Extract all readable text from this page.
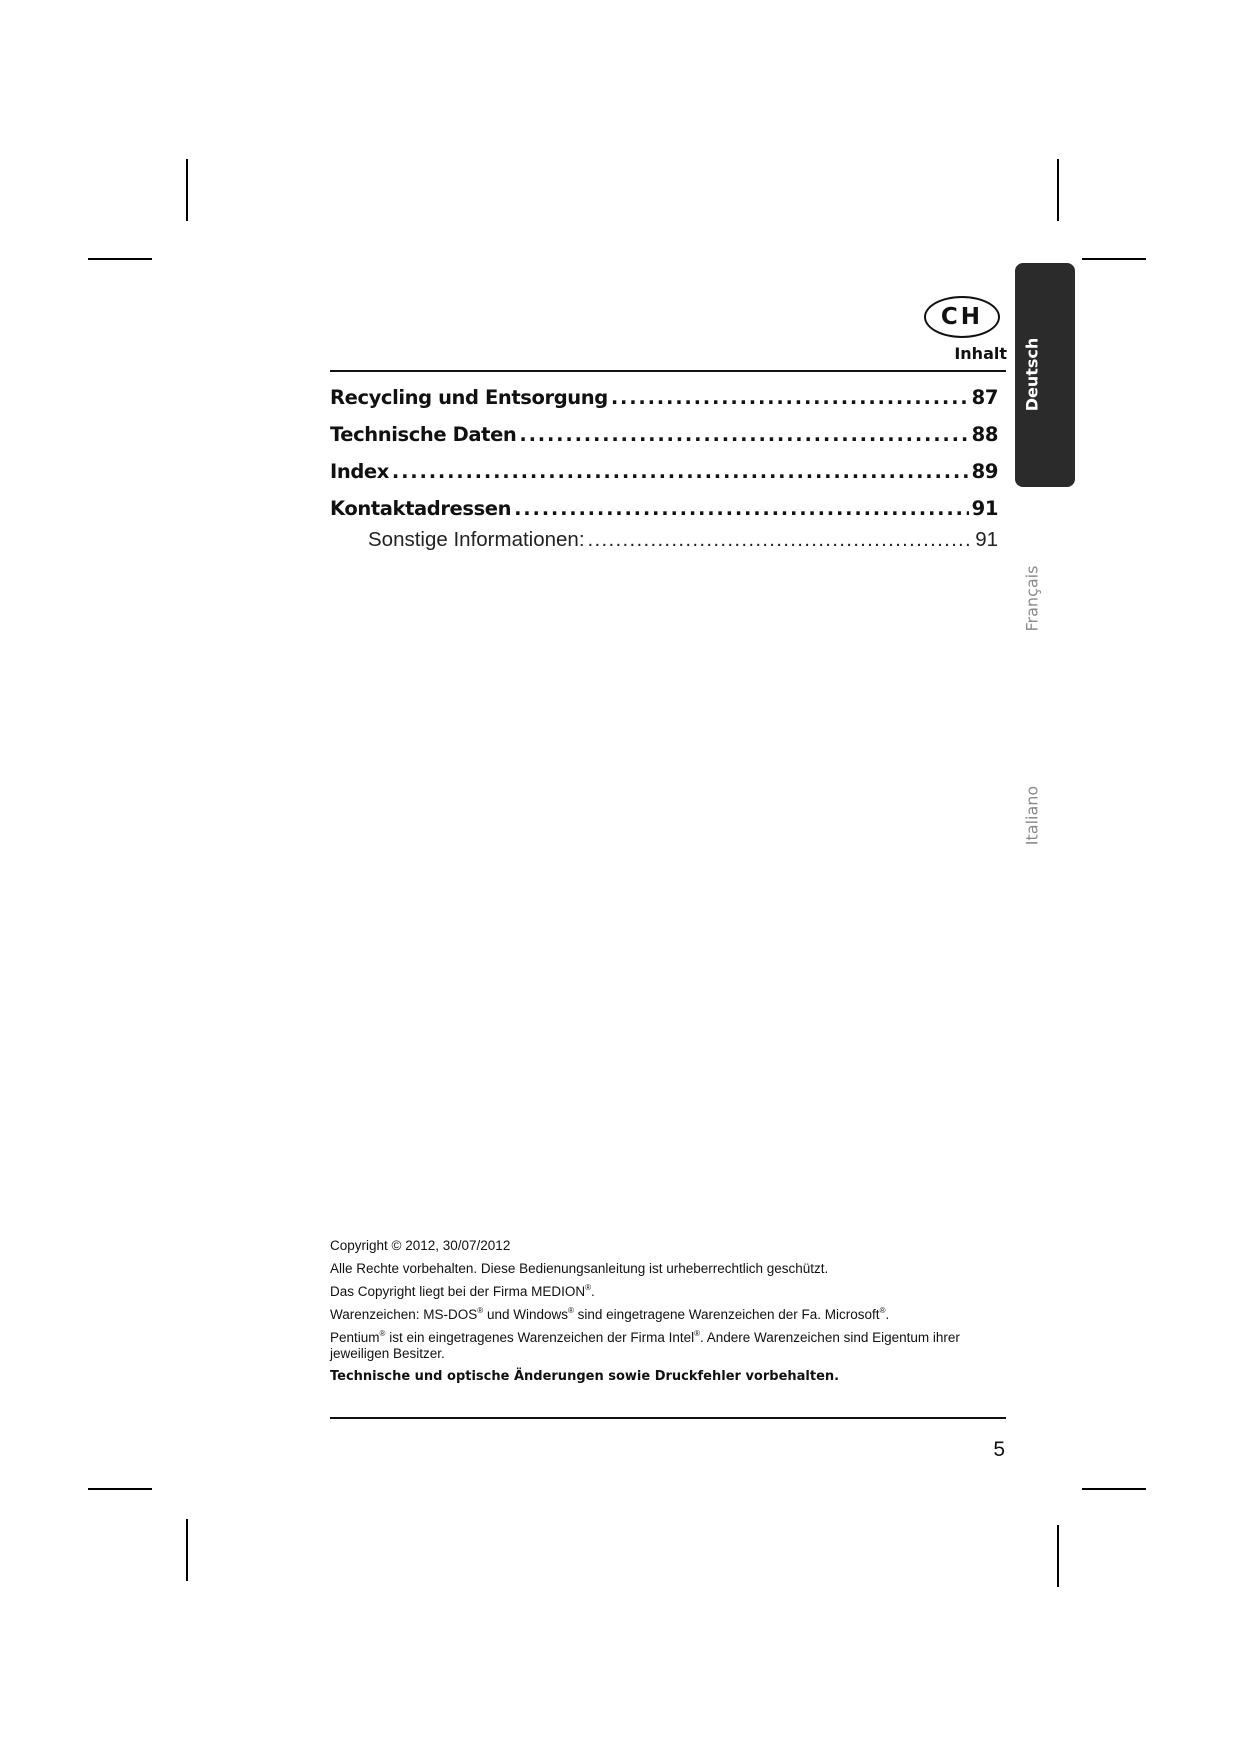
CH
Inhalt
Recycling und Entsorgung . . .	87
Technische Daten . . .	88
Index . . .	89
Kontaktadressen . . .	91
Sonstige Informationen: . . .	91
Deutsch
Français
Italiano

Copyright © 2012, 30/07/2012

Alle Rechte vorbehalten. Diese Bedienungsanleitung ist urheberrechtlich geschützt.

Das Copyright liegt bei der Firma MEDION®.

Warenzeichen: MS-DOS® und Windows® sind eingetragene Warenzeichen der Fa. Microsoft®.

Pentium® ist ein eingetragenes Warenzeichen der Firma Intel®. Andere Warenzeichen sind Eigentum ihrer jeweiligen Besitzer.

Technische und optische Änderungen sowie Druckfehler vorbehalten.

5
